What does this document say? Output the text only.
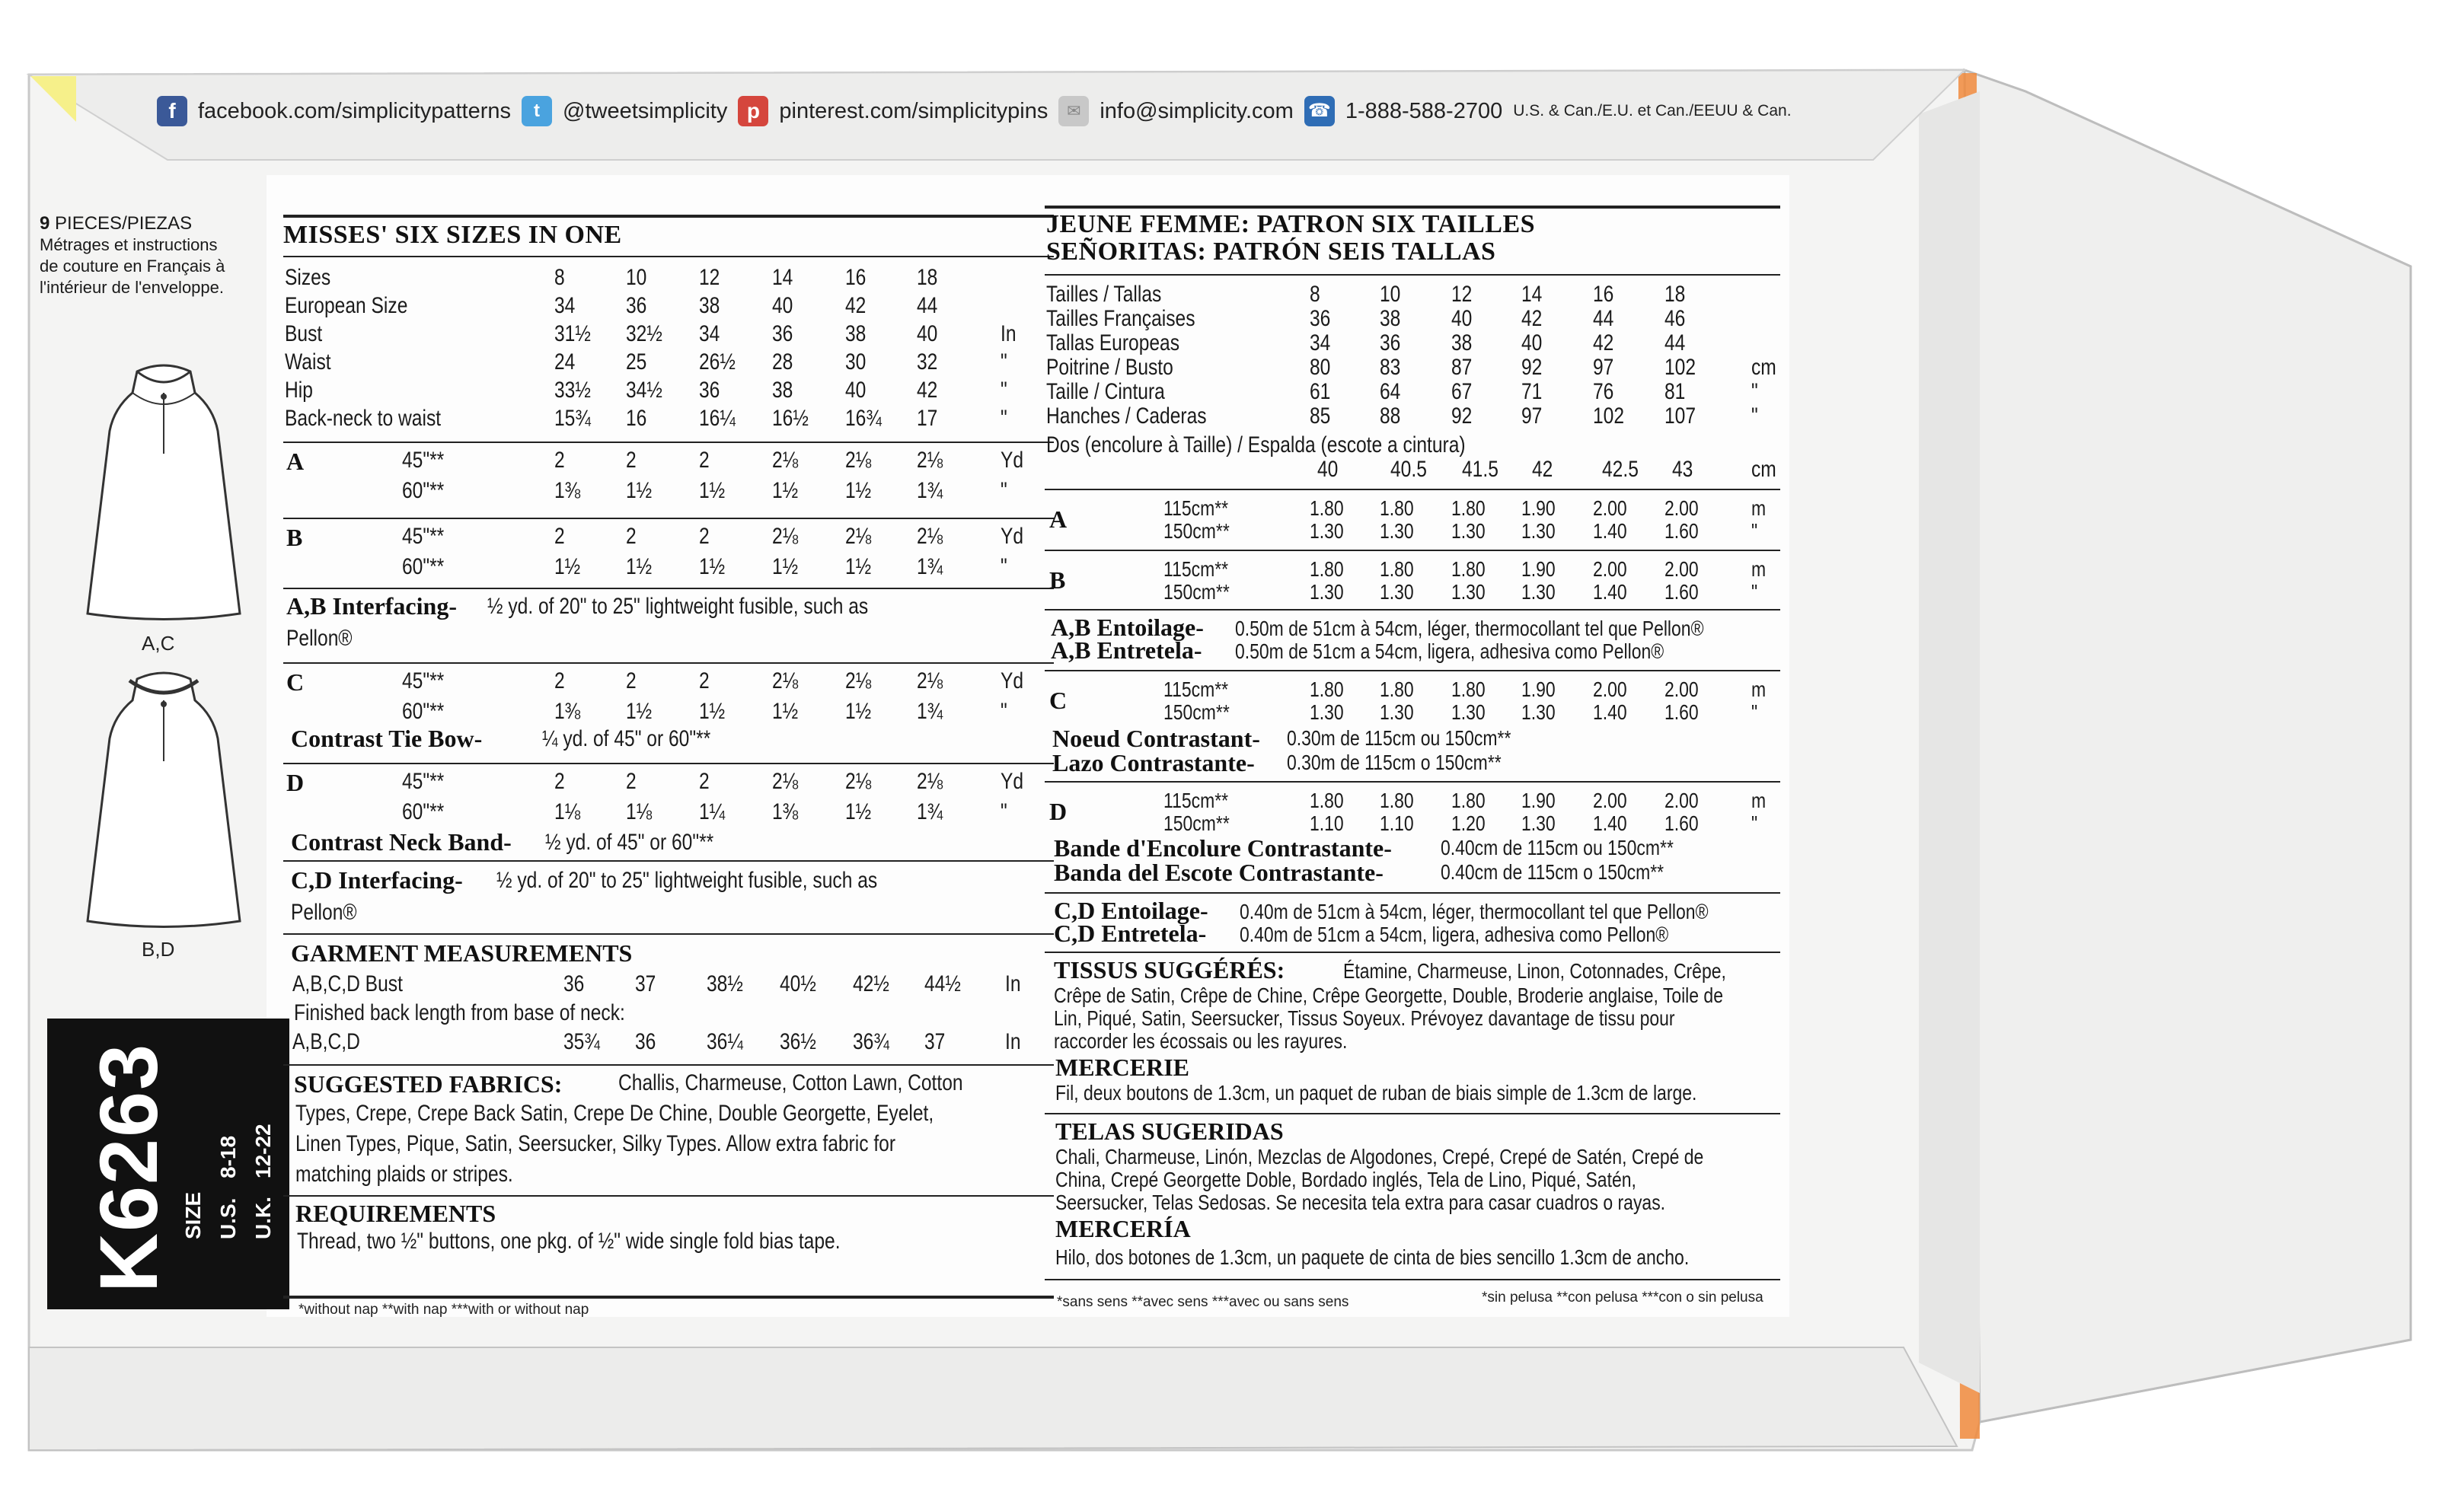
f	facebook.com/simplicitypatterns	t	@tweetsimplicity p pinterest.com/simplicitypins	✉ info@simplicity.com ☎ 1-888-588-2700 U.S. & Can./E.U. et Can./EEUU & Can.
9 PIECES/PIEZAS
Métrages et instructions
de couture en Français à
l'intérieur de l'enveloppe.
A,C
B,D
K6263 SIZE U.S.
8-18
U.K.
12-22
MISSES' SIX SIZES IN ONE
Sizes	8	10 12 14 16 18
European Size	34 36 38 40 42 44
Bust	31½ 32½ 34 36 38 40	In
Waist	24 25 26½ 28 30 32	"
Hip	33½ 34½ 36 38 40 42	"
Back-neck to waist	15¾ 16 16¼ 16½ 16¾ 17	"
A	45"**	2	2	2	2⅛ 2⅛ 2⅛	Yd
60"**	1⅜ 1½ 1½ 1½ 1½ 1¾	"
B	45"**	2	2	2	2⅛ 2⅛ 2⅛	Yd
60"**	1½ 1½ 1½ 1½ 1½ 1¾	"
A,B Interfacing- ½ yd. of 20" to 25" lightweight fusible, such as
Pellon®
C	45"**	2	2	2	2⅛ 2⅛ 2⅛	Yd
60"**	1⅜ 1½ 1½ 1½ 1½ 1¾	"
Contrast Tie Bow-	¼ yd. of 45" or 60"**
D	45"**	2	2	2	2⅛ 2⅛ 2⅛	Yd
60"**	1⅛ 1⅛ 1¼ 1⅜ 1½ 1¾	"
Contrast Neck Band- ½ yd. of 45" or 60"**
C,D Interfacing- ½ yd. of 20" to 25" lightweight fusible, such as
Pellon®
GARMENT MEASUREMENTS
A,B,C,D Bust	36 37 38½ 40½ 42½ 44½ In
Finished back length from base of neck:
A,B,C,D	35¾ 36 36¼ 36½ 36¾ 37	In
SUGGESTED FABRICS: Challis, Charmeuse, Cotton Lawn, Cotton
Types, Crepe, Crepe Back Satin, Crepe De Chine, Double Georgette, Eyelet,
Linen Types, Pique, Satin, Seersucker, Silky Types. Allow extra fabric for
matching plaids or stripes.
REQUIREMENTS
Thread, two ½" buttons, one pkg. of ½" wide single fold bias tape.
*without nap **with nap ***with or without nap
JEUNE FEMME: PATRON SIX TAILLES
SEÑORITAS: PATRÓN SEIS TALLAS
Tailles / Tallas	8	10 12 14 16 18
Tailles Françaises	36 38 40 42 44 46
Tallas Europeas	34 36 38 40 42 44
Poitrine / Busto	80 83 87 92 97 102 cm
Taille / Cintura	61 64 67 71 76 81	"
Hanches / Caderas	85 88 92 97 102 107 "
Dos (encolure à Taille) / Espalda (escote a cintura)
40 40.5 41.5 42 42.5 43	cm
A	115cm**	1.80 1.80 1.80 1.90 2.00 2.00 m
150cm**	1.30 1.30 1.30 1.30 1.40 1.60 "
B	115cm**	1.80 1.80 1.80 1.90 2.00 2.00 m
150cm**	1.30 1.30 1.30 1.30 1.40 1.60 "
A,B Entoilage- 0.50m de 51cm à 54cm, léger, thermocollant tel que Pellon®
A,B Entretela- 0.50m de 51cm a 54cm, ligera, adhesiva como Pellon®
C	115cm**	1.80 1.80 1.80 1.90 2.00 2.00 m
150cm**	1.30 1.30 1.30 1.30 1.40 1.60 "
Noeud Contrastant- 0.30m de 115cm ou 150cm**
Lazo Contrastante- 0.30m de 115cm o 150cm**
D	115cm**	1.80 1.80 1.80 1.90 2.00 2.00 m
150cm**	1.10 1.10 1.20 1.30 1.40 1.60 "
Bande d'Encolure Contrastante- 0.40cm de 115cm ou 150cm**
Banda del Escote Contrastante-	0.40cm de 115cm o 150cm**
C,D Entoilage- 0.40m de 51cm à 54cm, léger, thermocollant tel que Pellon®
C,D Entretela- 0.40m de 51cm a 54cm, ligera, adhesiva como Pellon®
TISSUS SUGGÉRÉS:	Étamine, Charmeuse, Linon, Cotonnades, Crêpe,
Crêpe de Satin, Crêpe de Chine, Crêpe Georgette, Double, Broderie anglaise, Toile de
Lin, Piqué, Satin, Seersucker, Tissus Soyeux. Prévoyez davantage de tissu pour
raccorder les écossais ou les rayures.
MERCERIE
Fil, deux boutons de 1.3cm, un paquet de ruban de biais simple de 1.3cm de large.
TELAS SUGERIDAS
Chali, Charmeuse, Linón, Mezclas de Algodones, Crepé, Crepé de Satén, Crepé de
China, Crepé Georgette Doble, Bordado inglés, Tela de Lino, Piqué, Satén,
Seersucker, Telas Sedosas. Se necesita tela extra para casar cuadros o rayas.
MERCERÍA
Hilo, dos botones de 1.3cm, un paquete de cinta de bies sencillo 1.3cm de ancho.
*sans sens **avec sens ***avec ou sans sens	*sin pelusa **con pelusa ***con o sin pelusa
